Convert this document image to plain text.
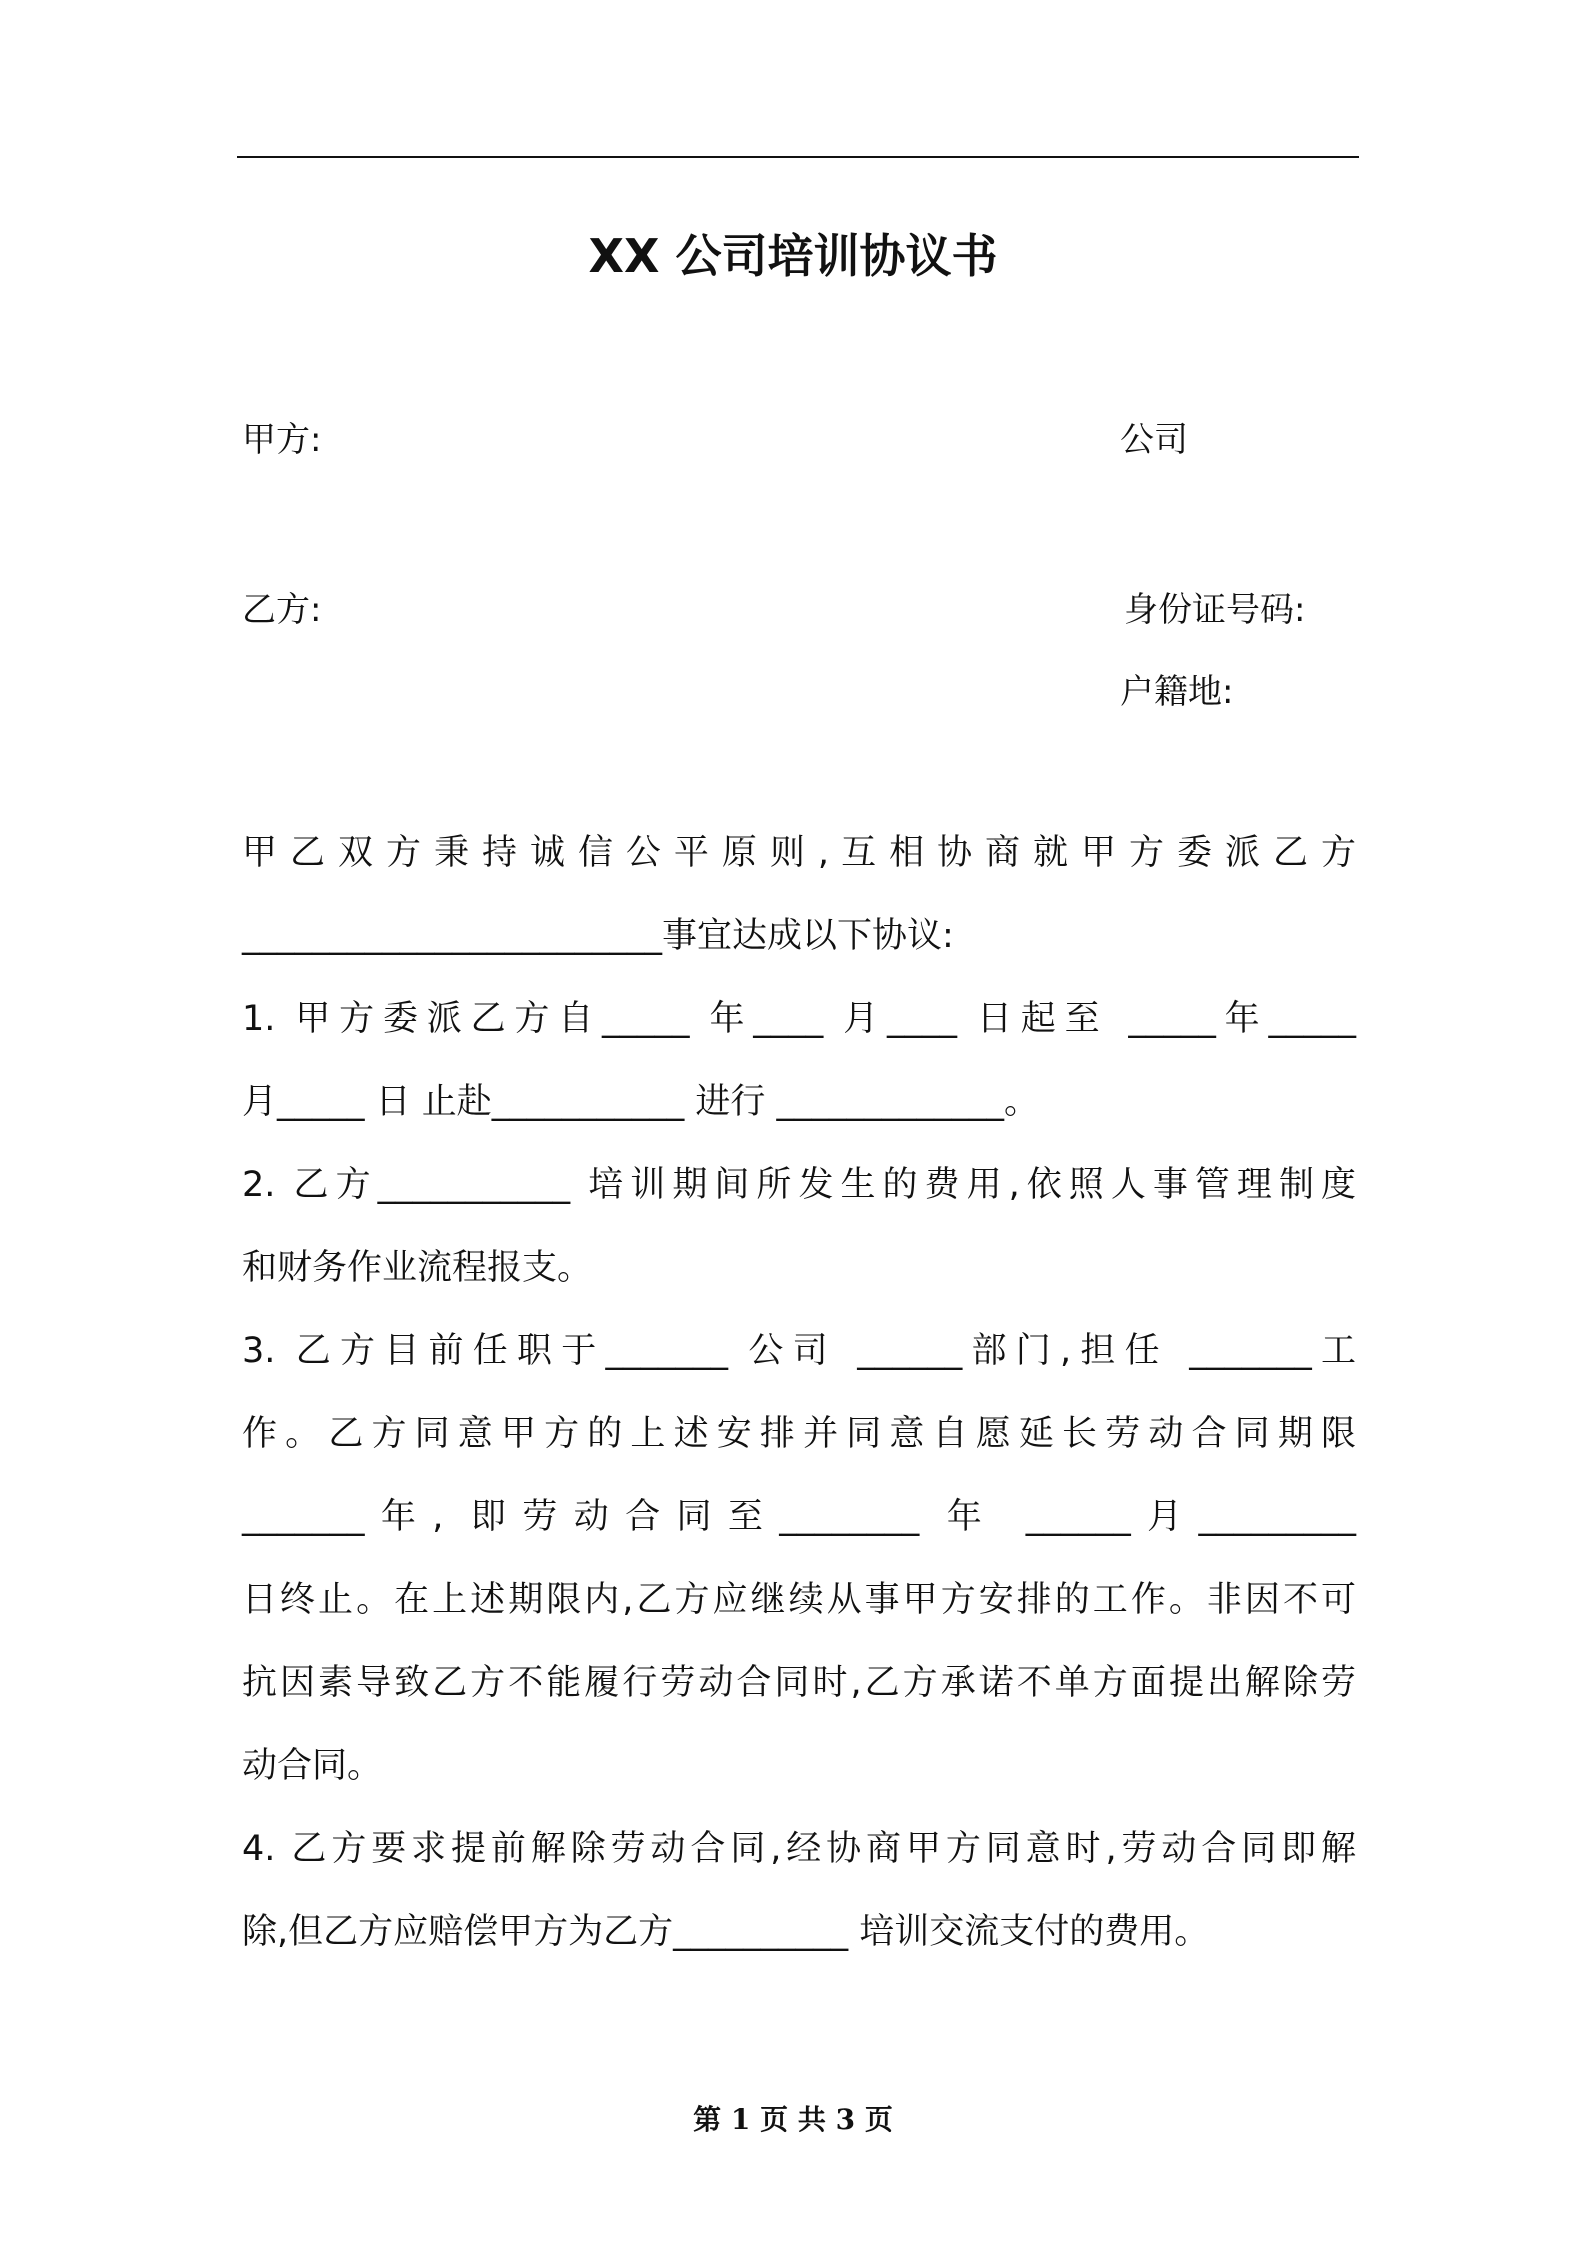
XX 公司培训协议书
甲方:	公司
乙方:	身份证号码:
户籍地:
甲 乙 双 方 秉 持 诚 信 公 平 原 则 , 互 相 协 商 就 甲 方 委 派 乙 方
________________________事宜达成以下协议:
1. 甲方委派乙方自_____ 年____ 月____ 日起至 _____年_____
月_____ 日 止赴___________ 进行 _____________。
2. 乙方___________ 培训期间所发生的费用,依照人事管理制度
和财务作业流程报支。
3. 乙方目前任职于_______ 公司 ______部门,担任 _______工
作。乙方同意甲方的上述安排并同意自愿延长劳动合同期限
_______年, 即劳动合同至________ 年 ______月_________
日终止。在上述期限内,乙方应继续从事甲方安排的工作。非因不可
抗因素导致乙方不能履行劳动合同时,乙方承诺不单方面提出解除劳
动合同。
4. 乙方要求提前解除劳动合同,经协商甲方同意时,劳动合同即解
除,但乙方应赔偿甲方为乙方__________ 培训交流支付的费用。
第 1 页 共 3 页
